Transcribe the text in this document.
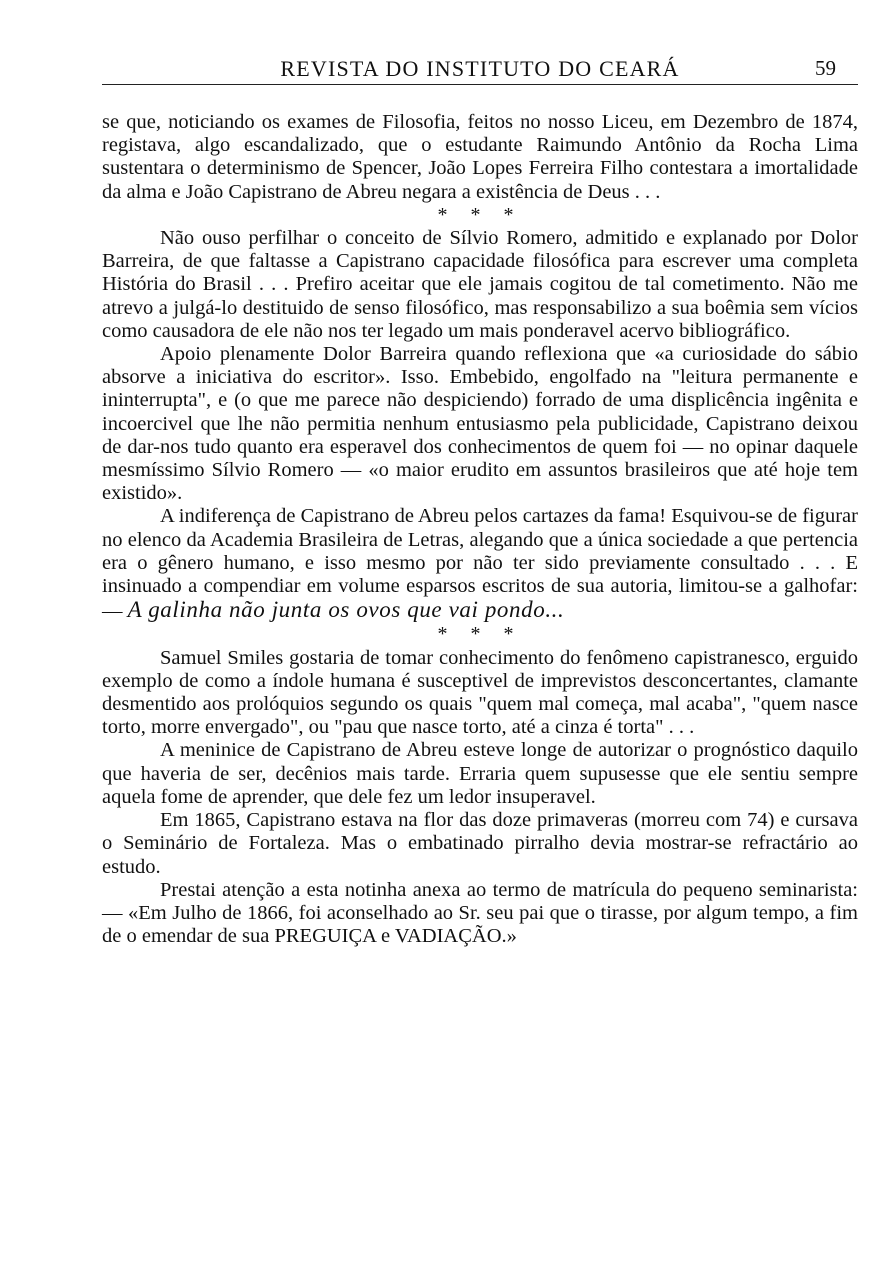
REVISTA DO INSTITUTO DO CEARÁ	59

se que, noticiando os exames de Filosofia, feitos no nosso Liceu, em Dezembro de 1874, registava, algo escandalizado, que o estudante Raimundo Antônio da Rocha Lima sustentara o determinismo de Spencer, João Lopes Ferreira Filho contestara a imortalidade da alma e João Capistrano de Abreu negara a existência de Deus . . .

* * *

Não ouso perfilhar o conceito de Sílvio Romero, admitido e explanado por Dolor Barreira, de que faltasse a Capistrano capacidade filosófica para escrever uma completa História do Brasil . . . Prefiro aceitar que ele jamais cogitou de tal cometimento. Não me atrevo a julgá-lo destituido de senso filosófico, mas responsabilizo a sua boêmia sem vícios como causadora de ele não nos ter legado um mais ponderavel acervo bibliográfico.

Apoio plenamente Dolor Barreira quando reflexiona que «a curiosidade do sábio absorve a iniciativa do escritor». Isso. Embebido, engolfado na "leitura permanente e ininterrupta", e (o que me parece não despiciendo) forrado de uma displicência ingênita e incoercivel que lhe não permitia nenhum entusiasmo pela publicidade, Capistrano deixou de dar-nos tudo quanto era esperavel dos conhecimentos de quem foi — no opinar daquele mesmíssimo Sílvio Romero — «o maior erudito em assuntos brasileiros que até hoje tem existido».

A indiferença de Capistrano de Abreu pelos cartazes da fama! Esquivou-se de figurar no elenco da Academia Brasileira de Letras, alegando que a única sociedade a que pertencia era o gênero humano, e isso mesmo por não ter sido previamente consultado . . . E insinuado a compendiar em volume esparsos escritos de sua autoria, limitou-se a galhofar: — A galinha não junta os ovos que vai pondo...

* * *

Samuel Smiles gostaria de tomar conhecimento do fenômeno capistranesco, erguido exemplo de como a índole humana é susceptivel de imprevistos desconcertantes, clamante desmentido aos prolóquios segundo os quais "quem mal começa, mal acaba", "quem nasce torto, morre envergado", ou "pau que nasce torto, até a cinza é torta" . . .

A meninice de Capistrano de Abreu esteve longe de autorizar o prognóstico daquilo que haveria de ser, decênios mais tarde. Erraria quem supusesse que ele sentiu sempre aquela fome de aprender, que dele fez um ledor insuperavel.

Em 1865, Capistrano estava na flor das doze primaveras (morreu com 74) e cursava o Seminário de Fortaleza. Mas o embatinado pirralho devia mostrar-se refractário ao estudo.

Prestai atenção a esta notinha anexa ao termo de matrícula do pequeno seminarista: — «Em Julho de 1866, foi aconselhado ao Sr. seu pai que o tirasse, por algum tempo, a fim de o emendar de sua PREGUIÇA e VADIAÇÃO.»
